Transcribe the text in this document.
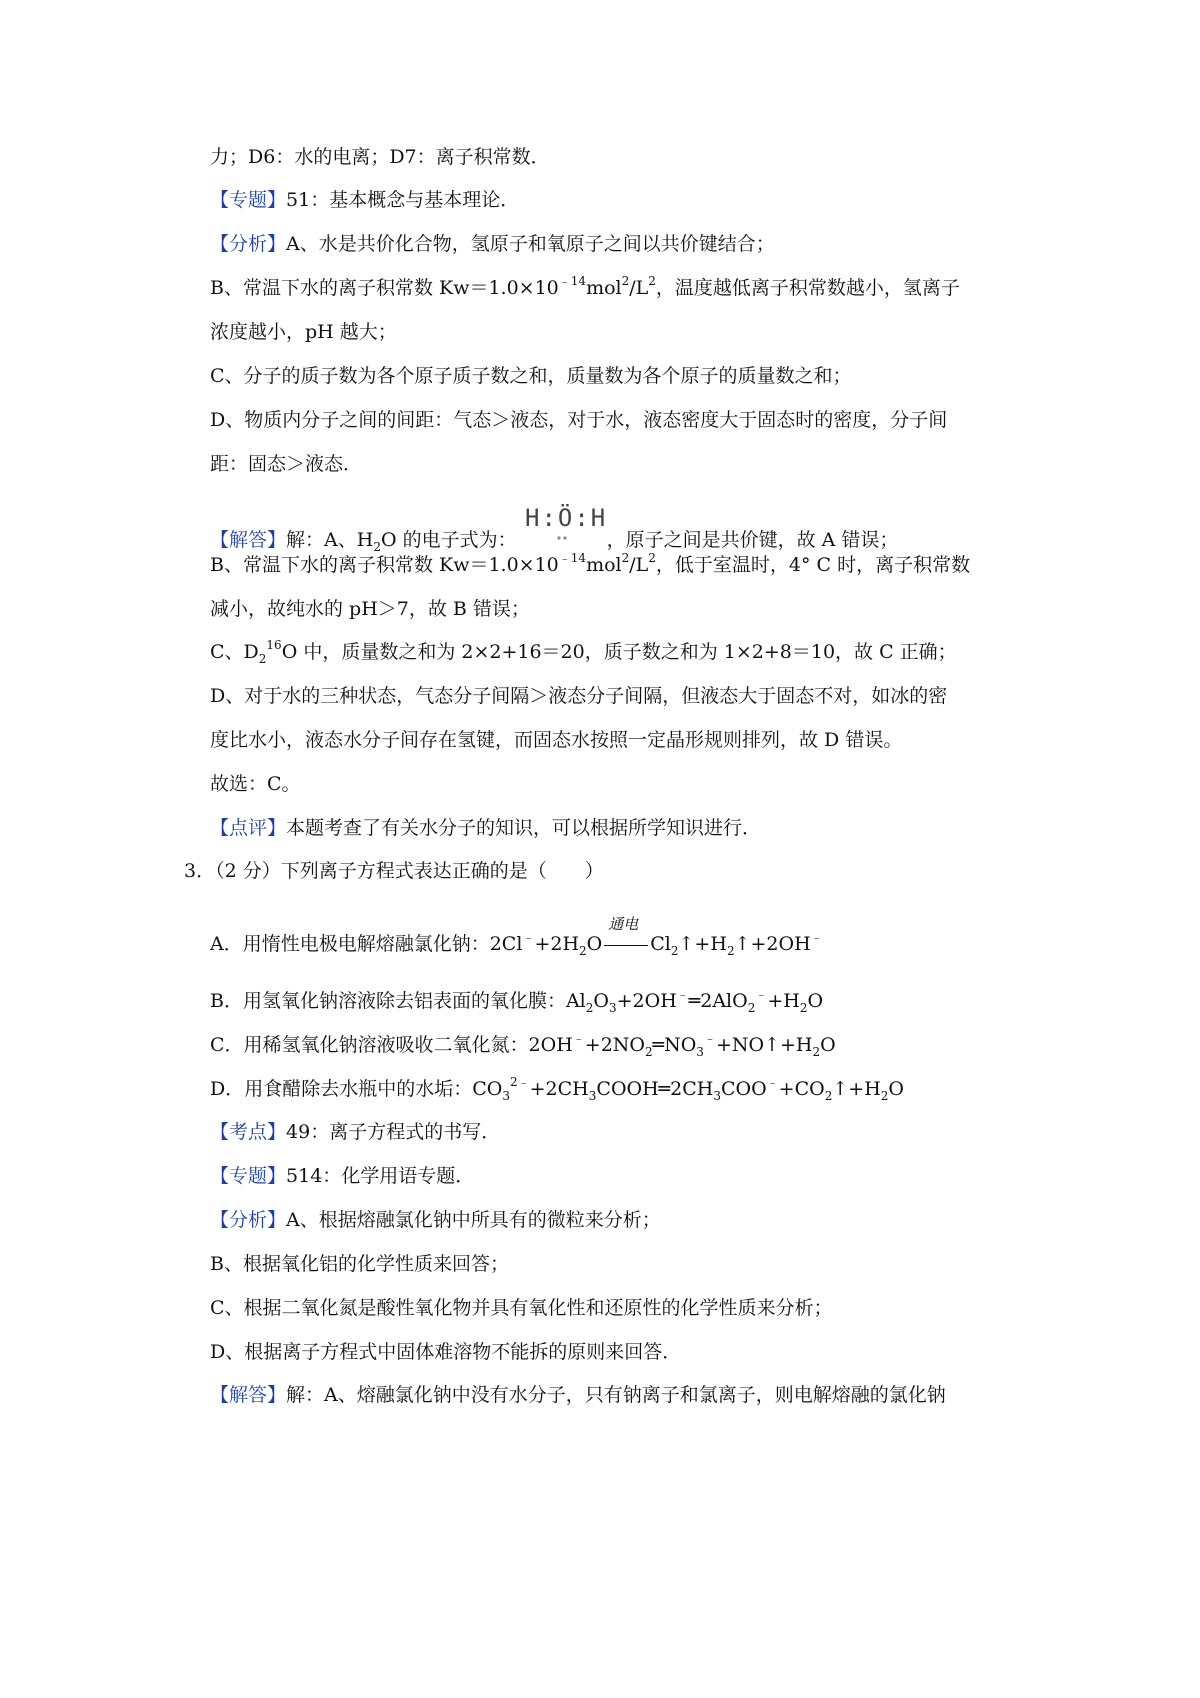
力；D6：水的电离；D7：离子积常数．
【专题】51：基本概念与基本理论．
【分析】A、水是共价化合物，氢原子和氧原子之间以共价键结合；
B、常温下水的离子积常数 $Kw=1.0\times 10^{﹣14}mol^2/L^2$，温度越低离子积常数越小，氢离子
浓度越小，pH 越大；
C、分子的质子数为各个原子质子数之和，质量数为各个原子的质量数之和；
D、物质内分子之间的间距：气态＞液态，对于水，液态密度大于固态时的密度，分子间
距：固态＞液态．
【解答】解：A、$H_2O$ 的电子式为：
H:Ö:H
，原子之间是共价键，故 A 错误；
B、常温下水的离子积常数 $Kw=1.0\times 10^{﹣14}mol^2/L^2$，低于室温时，4° C 时，离子积常数
减小，故纯水的 pH＞7，故 B 错误；
C、$D_2^{16}O$ 中，质量数之和为 2×2+16＝20，质子数之和为 1×2+8＝10，故 C 正确；
D、对于水的三种状态，气态分子间隔＞液态分子间隔，但液态大于固态不对，如冰的密
度比水小，液态水分子间存在氢键，而固态水按照一定晶形规则排列，故 D 错误。
故选：C。
【点评】本题考查了有关水分子的知识，可以根据所学知识进行．
3．（2 分）下列离子方程式表达正确的是（　　）
A．用惰性电极电解熔融氯化钠：$2Cl^﹣+2H_2O$
通电
$Cl_2↑+H_2↑+2OH^﹣$
B．用氢氧化钠溶液除去铝表面的氧化膜：$Al_2O_3+2OH^﹣═2AlO_2^﹣+H_2O$
C．用稀氢氧化钠溶液吸收二氧化氮：$2OH^﹣+2NO_2═NO_3^﹣+NO↑+H_2O$
D．用食醋除去水瓶中的水垢：$CO_3^{2﹣}+2CH_3COOH═2CH_3COO^﹣+CO_2↑+H_2O$
【考点】49：离子方程式的书写．
【专题】514：化学用语专题．
【分析】A、根据熔融氯化钠中所具有的微粒来分析；
B、根据氧化铝的化学性质来回答；
C、根据二氧化氮是酸性氧化物并具有氧化性和还原性的化学性质来分析；
D、根据离子方程式中固体难溶物不能拆的原则来回答．
【解答】解：A、熔融氯化钠中没有水分子，只有钠离子和氯离子，则电解熔融的氯化钠
